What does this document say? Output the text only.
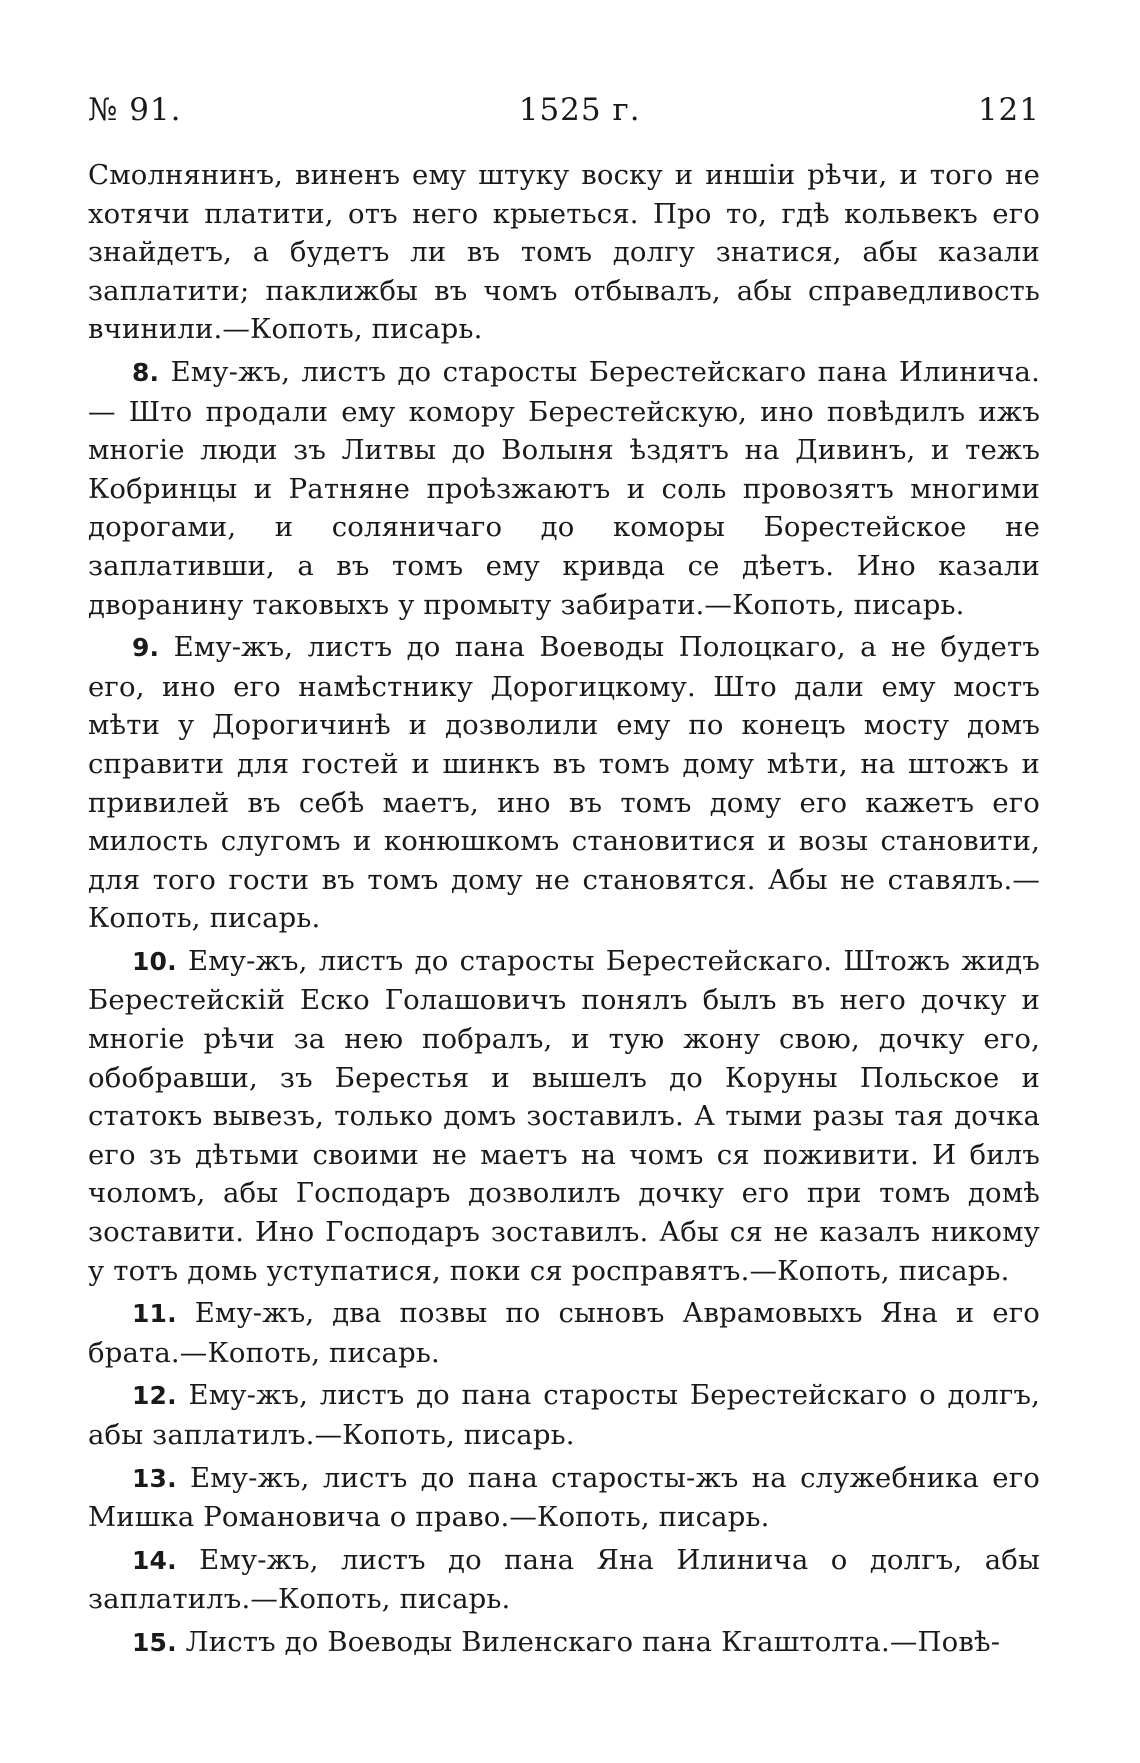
№ 91.	1525 г.	121

Смолнянинъ, виненъ ему штуку воску и иншіи рѣчи, и того не хотячи платити, отъ него крыеться. Про то, гдѣ кольвекъ его знайдетъ, а будетъ ли въ томъ долгу знатися, абы казали заплатити; паклижбы въ чомъ отбывалъ, абы справедливость вчинили.—Копоть, писарь.

8. Ему-жъ, листъ до старосты Берестейскаго пана Илинича. — Што продали ему комору Берестейскую, ино повѣдилъ ижъ многіе люди зъ Литвы до Волыня ѣздятъ на Дивинъ, и тежъ Кобринцы и Ратняне проѣзжаютъ и соль провозятъ многими дорогами, и соляничаго до коморы Борестейское не заплативши, а въ томъ ему кривда се дѣетъ. Ино казали дворанину таковыхъ у промыту забирати.—Копоть, писарь.

9. Ему-жъ, листъ до пана Воеводы Полоцкаго, а не будетъ его, ино его намѣстнику Дорогицкому. Што дали ему мостъ мѣти у Дорогичинѣ и дозволили ему по конецъ мосту домъ справити для гостей и шинкъ въ томъ дому мѣти, на штожъ и привилей въ себѣ маетъ, ино въ томъ дому его кажетъ его милость слугомъ и конюшкомъ становитися и возы становити, для того гости въ томъ дому не становятся. Абы не ставялъ.—Копоть, писарь.

10. Ему-жъ, листъ до старосты Берестейскаго. Штожъ жидъ Берестейскій Еско Голашовичъ понялъ былъ въ него дочку и многіе рѣчи за нею побралъ, и тую жону свою, дочку его, обобравши, зъ Берестья и вышелъ до Коруны Польское и статокъ вывезъ, только домъ зоставилъ. А тыми разы тая дочка его зъ дѣтьми своими не маетъ на чомъ ся поживити. И билъ чоломъ, абы Господаръ дозволилъ дочку его при томъ домѣ зоставити. Ино Господаръ зоставилъ. Абы ся не казалъ никому у тотъ домь уступатися, поки ся росправятъ.—Копоть, писарь.

11. Ему-жъ, два позвы по сыновъ Аврамовыхъ Яна и его брата.—Копоть, писарь.

12. Ему-жъ, листъ до пана старосты Берестейскаго о долгъ, абы заплатилъ.—Копоть, писарь.

13. Ему-жъ, листъ до пана старосты-жъ на служебника его Мишка Романовича о право.—Копоть, писарь.

14. Ему-жъ, листъ до пана Яна Илинича о долгъ, абы заплатилъ.—Копоть, писарь.

15. Листъ до Воеводы Виленскаго пана Кгаштолта.—Повѣ-
